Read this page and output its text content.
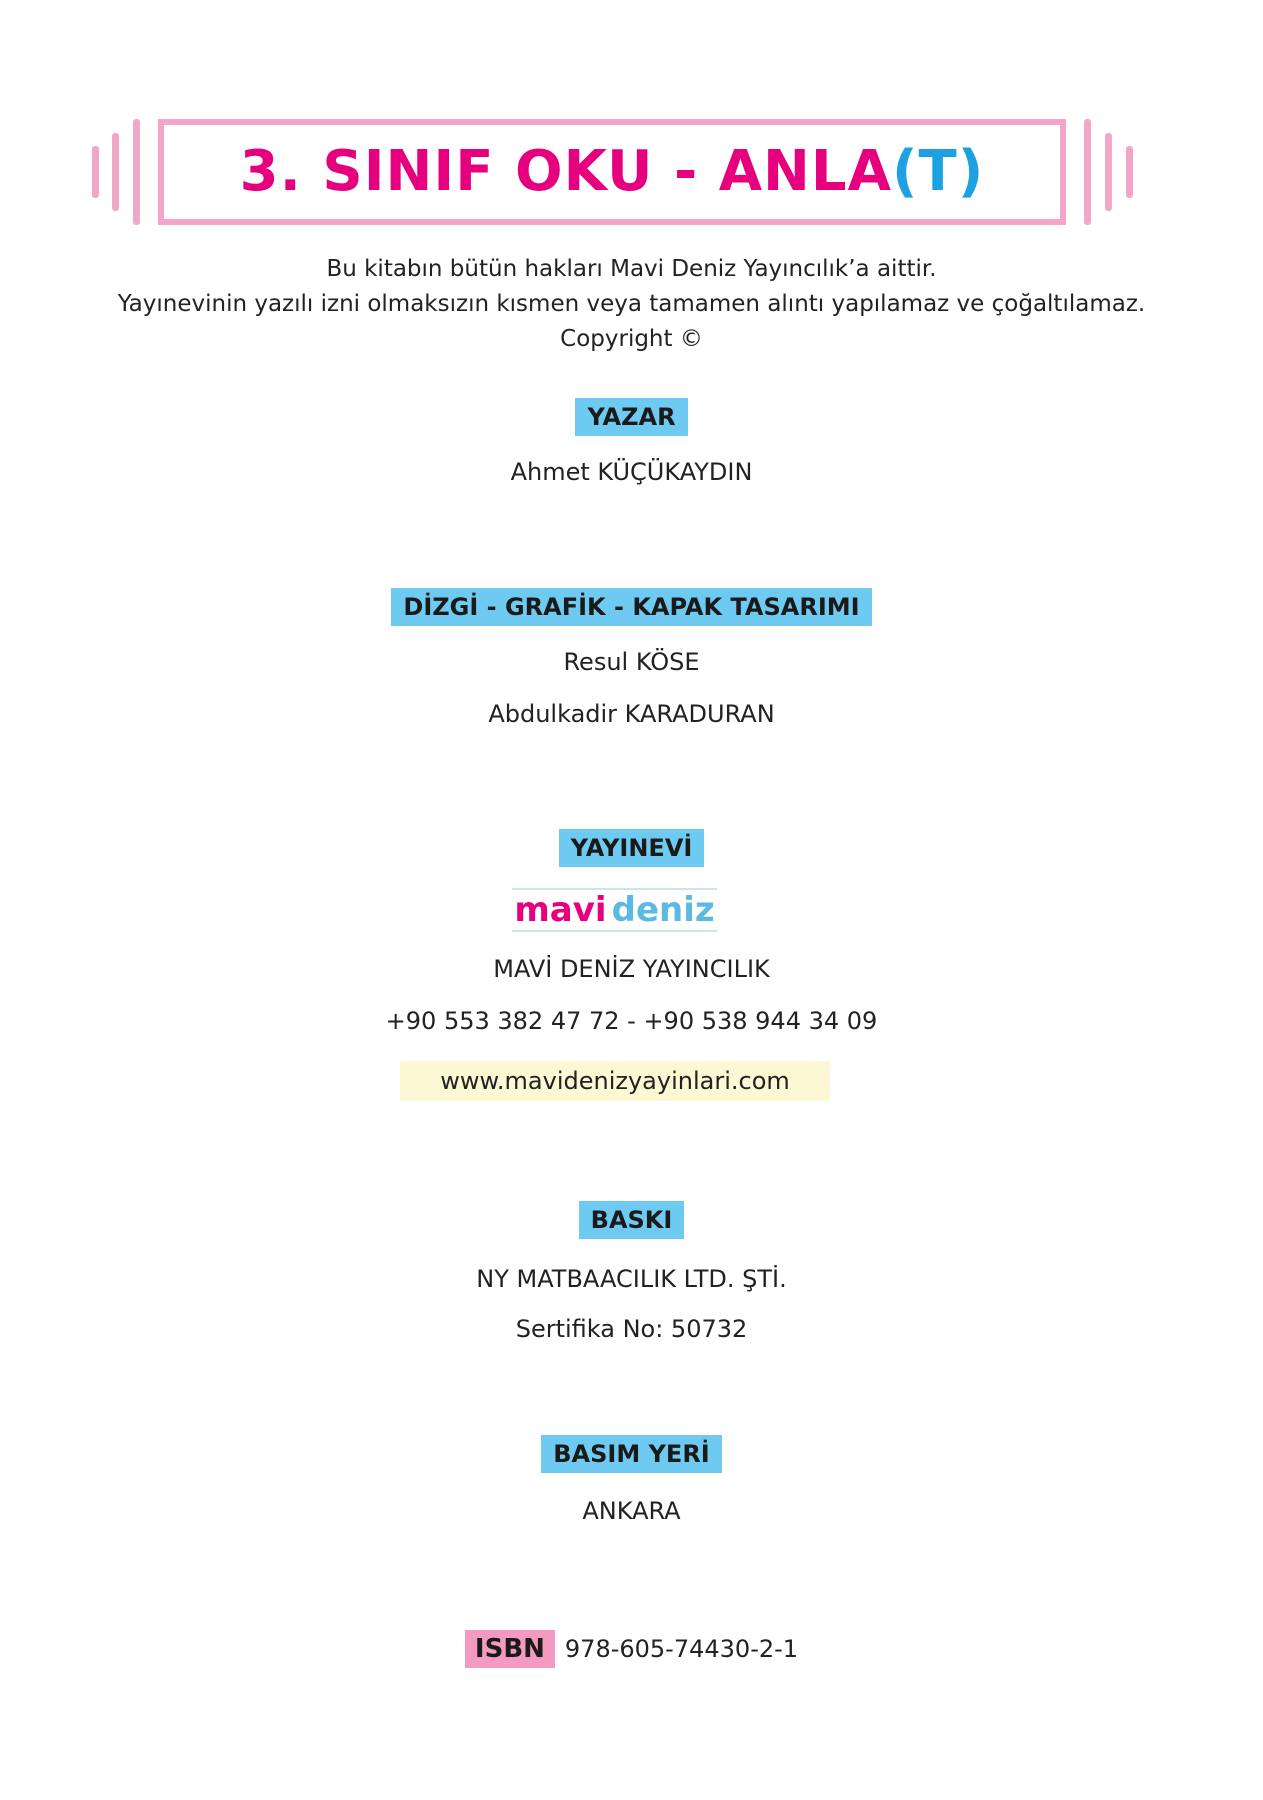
3. SINIF OKU - ANLA(T)
Bu kitabın bütün hakları Mavi Deniz Yayıncılık’a aittir.
Yayınevinin yazılı izni olmaksızın kısmen veya tamamen alıntı yapılamaz ve çoğaltılamaz.
Copyright ©
YAZAR
Ahmet KÜÇÜKAYDIN
DİZGİ - GRAFİK - KAPAK TASARIMI
Resul KÖSE
Abdulkadir KARADURAN
YAYINEVİ
mavi deniz
MAVİ DENİZ YAYINCILIK
+90 553 382 47 72 - +90 538 944 34 09
www.mavidenizyayinlari.com
BASKI
NY MATBAACILIK LTD. ŞTİ.
Sertifika No: 50732
BASIM YERİ
ANKARA
ISBN 978-605-74430-2-1
